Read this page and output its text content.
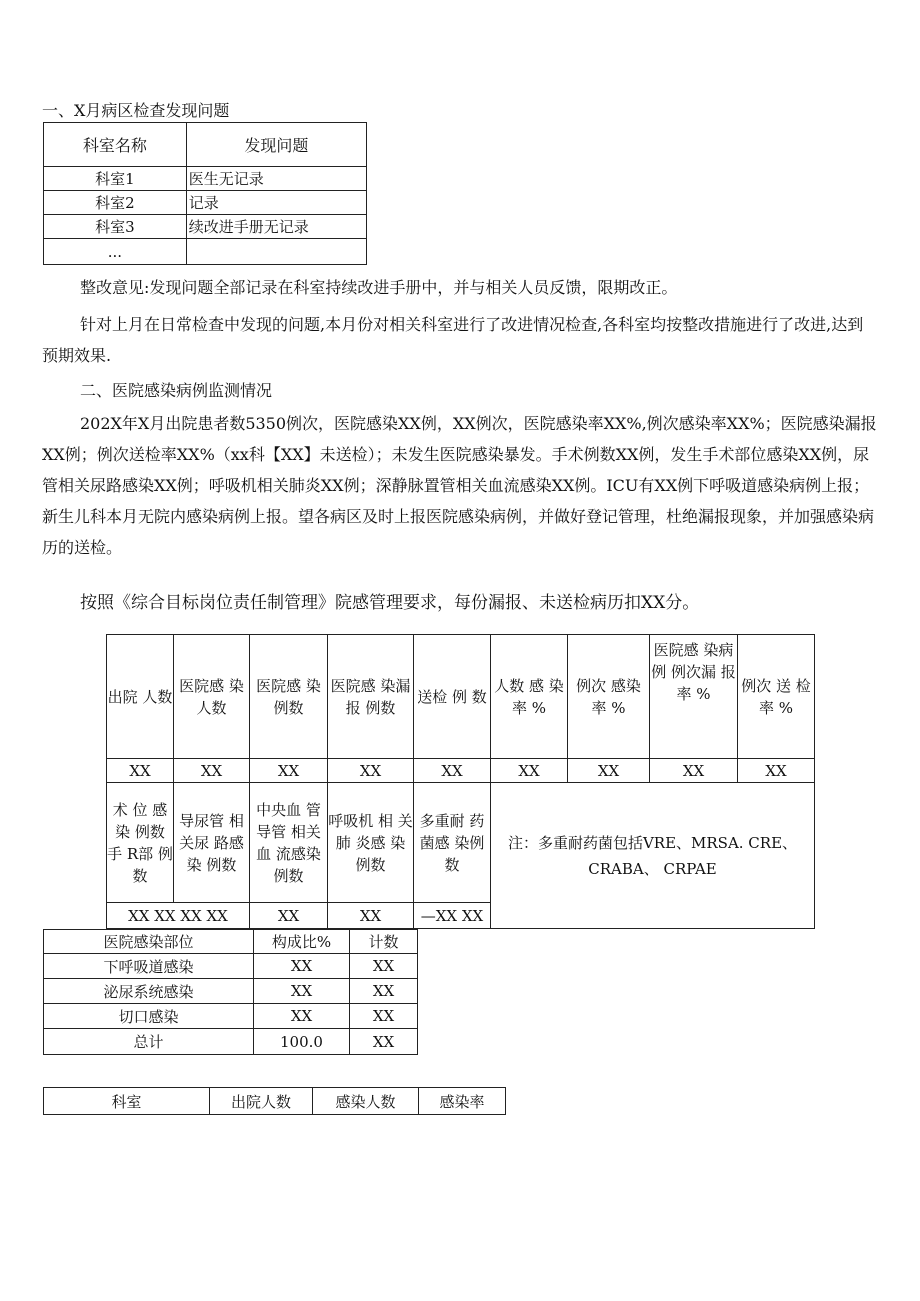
一、X月病区检查发现问题
科室名称	发现问题
科室1	医生无记录
科室2	记录
科室3	续改进手册无记录
...	
整改意见:发现问题全部记录在科室持续改进手册中，并与相关人员反馈，限期改正。
针对上月在日常检查中发现的问题,本月份对相关科室进行了改进情况检查,各科室均按整改措施进行了改进,达到预期效果.
二、医院感染病例监测情况
202X年X月出院患者数5350例次，医院感染XX例，XX例次，医院感染率XX%,例次感染率XX%；医院感染漏报XX例；例次送检率XX%（xx科【XX】未送检）；未发生医院感染暴发。手术例数XX例，发生手术部位感染XX例，尿管相关尿路感染XX例；呼吸机相关肺炎XX例；深静脉置管相关血流感染XX例。ICU有XX例下呼吸道感染病例上报；新生儿科本月无院内感染病例上报。望各病区及时上报医院感染病例，并做好登记管理，杜绝漏报现象，并加强感染病历的送检。
按照《综合目标岗位责任制管理》院感管理要求，每份漏报、未送检病历扣XX分。
出院 人数	医院感 染 人数	医院感 染 例数	医院感 染漏报 例数	送检 例 数	人数 感 染率 %	例次 感染 率 %	医院感 染病例 例次漏 报率 %	例次 送 检率 %
XX	XX	XX	XX	XX	XX	XX	XX	XX
术 位 感染 例数 手 R部 例数	导尿管 相关尿 路感染 例数	中央血 管导管 相关血 流感染 例数	呼吸机 相 关肺 炎感 染 例数	多重耐 药菌感 染例数	注：多重耐药菌包括VRE、MRSA. CRE、CRABA、 CRPAE			
XX XX XX XX		XX	XX	—XX XX				
医院感染部位	构成比%	计数
下呼吸道感染	XX	XX
泌尿系统感染	XX	XX
切口感染	XX	XX
总计	100.0	XX
科室	出院人数	感染人数	感染率
